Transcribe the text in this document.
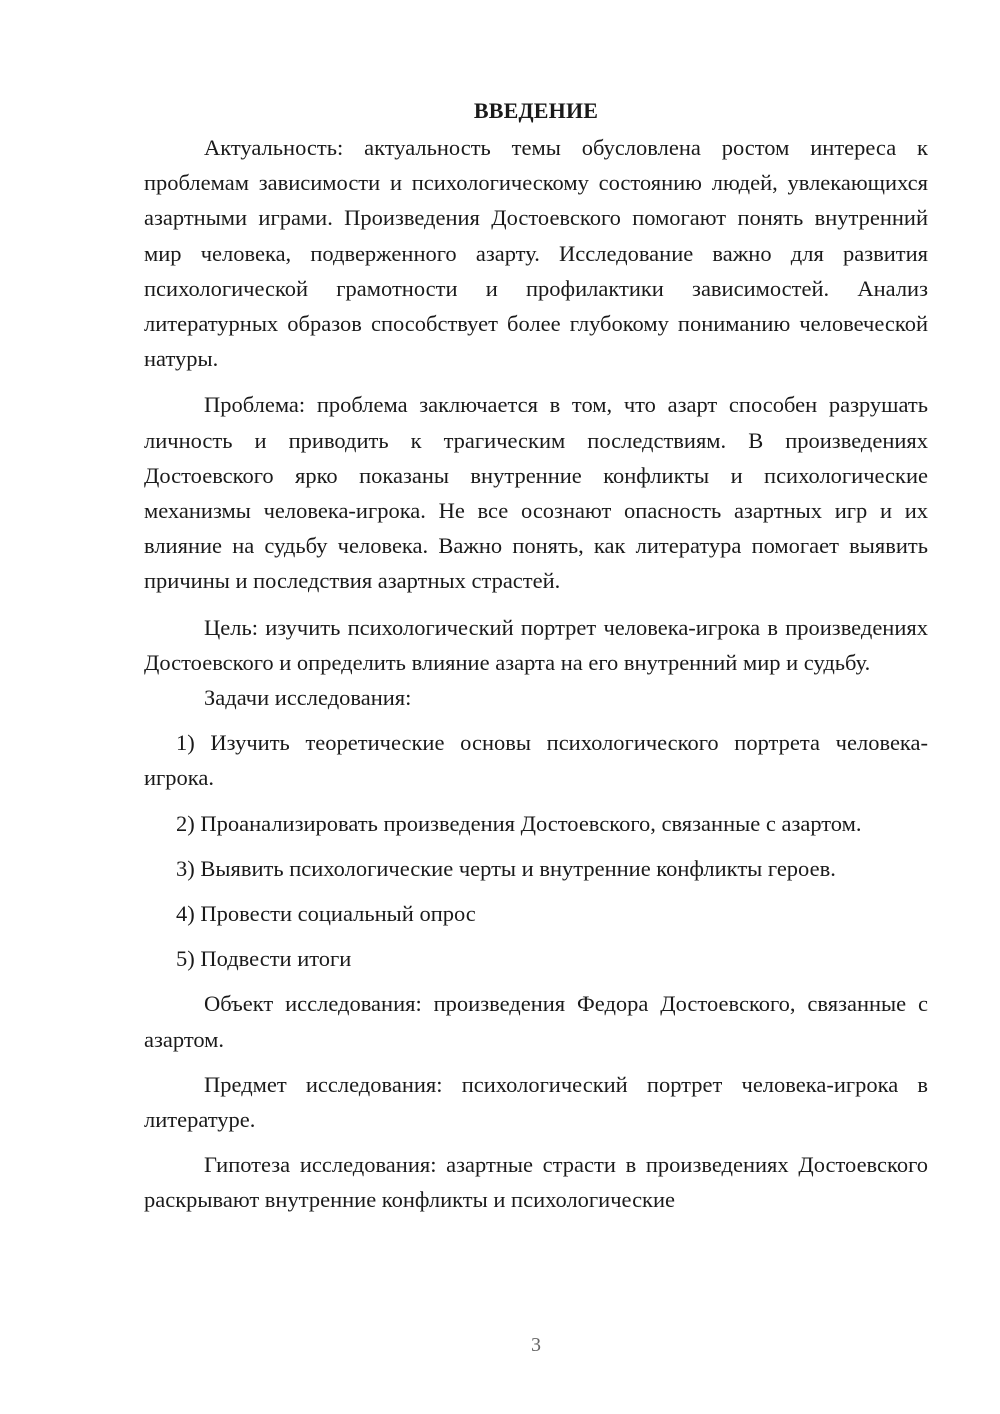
ВВЕДЕНИЕ

Актуальность: актуальность темы обусловлена ростом интереса к проблемам зависимости и психологическому состоянию людей, увлекающихся азартными играми. Произведения Достоевского помогают понять внутренний мир человека, подверженного азарту. Исследование важно для развития психологической грамотности и профилактики зависимостей. Анализ литературных образов способствует более глубокому пониманию человеческой натуры.

Проблема: проблема заключается в том, что азарт способен разрушать личность и приводить к трагическим последствиям. В произведениях Достоевского ярко показаны внутренние конфликты и психологические механизмы человека-игрока. Не все осознают опасность азартных игр и их влияние на судьбу человека. Важно понять, как литература помогает выявить причины и последствия азартных страстей.

Цель: изучить психологический портрет человека-игрока в произведениях Достоевского и определить влияние азарта на его внутренний мир и судьбу.

Задачи исследования:

1) Изучить теоретические основы психологического портрета человека-игрока.

2) Проанализировать произведения Достоевского, связанные с азартом.

3) Выявить психологические черты и внутренние конфликты героев.

4) Провести социальный опрос

5) Подвести итоги

Объект исследования: произведения Федора Достоевского, связанные с азартом.

Предмет исследования: психологический портрет человека-игрока в литературе.

Гипотеза исследования: азартные страсти в произведениях Достоевского раскрывают внутренние конфликты и психологические

3
